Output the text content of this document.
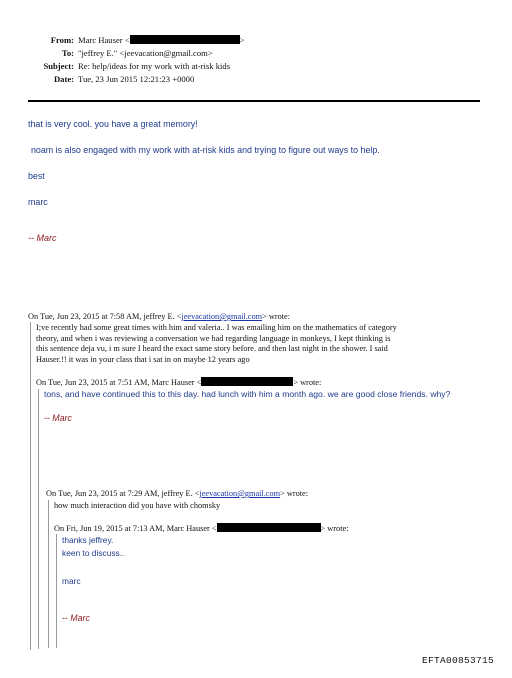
From: Marc Hauser <	>
To: "jeffrey E." <jeevacation@gmail.com>
Subject: Re: help/ideas for my work with at-risk kids
Date: Tue, 23 Jun 2015 12:21:23 +0000
that is very cool. you have a great memory!
noam is also engaged with my work with at-risk kids and trying to figure out ways to help.
best
marc
-- Marc
On Tue, Jun 23, 2015 at 7:58 AM, jeffrey E. <jeevacation@gmail.com> wrote:
I;ve recently had some great times with him and valeria.. I was emailing him on the mathematics of category
theory, and when i was reviewing a conversation we had regarding language in monkeys, I kept thinking is
this sentence deja vu, i m sure I heard the exact same story before. and then last night in the shower. I said
Hauser.!! it was in your class that i sat in on maybe 12 years ago
On Tue, Jun 23, 2015 at 7:51 AM, Marc Hauser <	> wrote:
tons, and have continued this to this day. had lunch with him a month ago. we are good close friends. why?
-- Marc
On Tue, Jun 23, 2015 at 7:29 AM, jeffrey E. <jeevacation@gmail.com> wrote:
how much interaction did you have with chomsky
On Fri, Jun 19, 2015 at 7:13 AM, Marc Hauser <	> wrote:
thanks jeffrey.
keen to discuss..
marc
-- Marc
EFTA00853715
